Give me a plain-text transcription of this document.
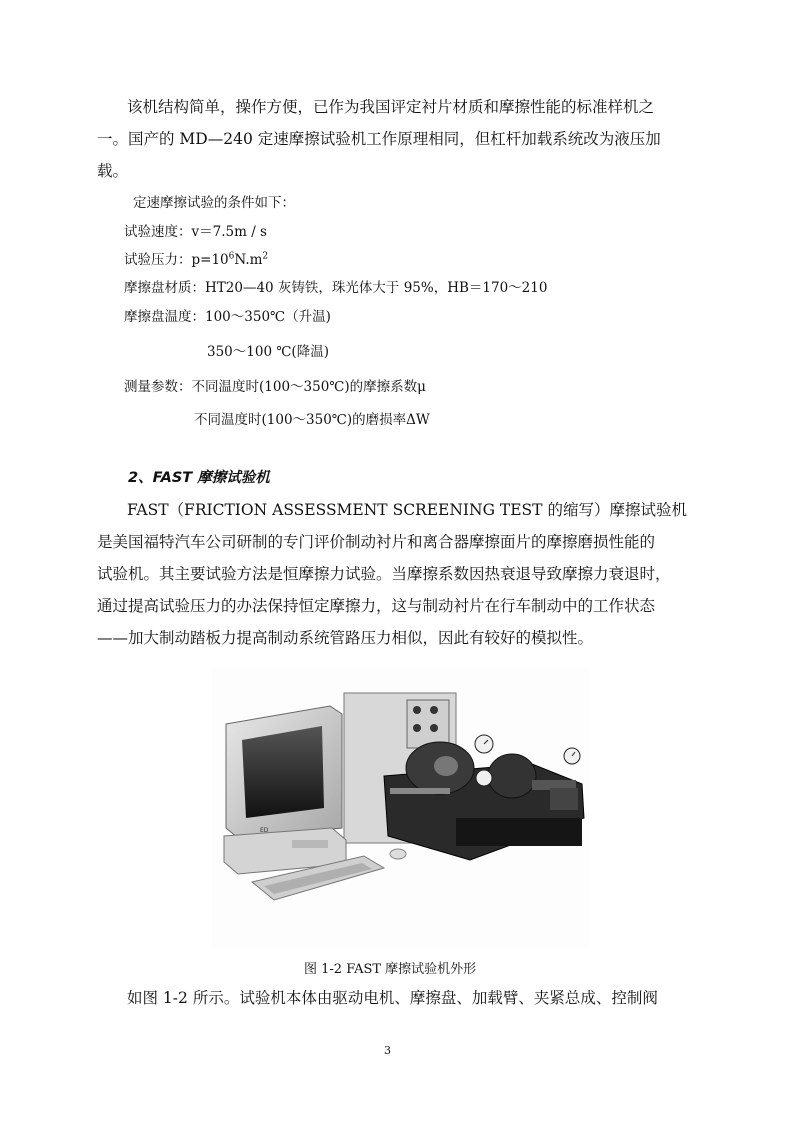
该机结构简单，操作方便，已作为我国评定衬片材质和摩擦性能的标准样机之
一。国产的 MD—240 定速摩擦试验机工作原理相同，但杠杆加载系统改为液压加
载。
定速摩擦试验的条件如下：
试验速度：v＝7.5m / s
试验压力：$p=10^6N.m^2$
摩擦盘材质：HT20—40 灰铸铁，珠光体大于 95%，HB＝170～210
摩擦盘温度：100～350℃（升温)
350～100 ℃(降温)
测量参数：不同温度时(100～350℃)的摩擦系数μ
不同温度时(100～350℃)的磨损率ΔW
2、FAST 摩擦试验机
FAST（FRICTION ASSESSMENT SCREENING TEST 的缩写）摩擦试验机
是美国福特汽车公司研制的专门评价制动衬片和离合器摩擦面片的摩擦磨损性能的
试验机。其主要试验方法是恒摩擦力试验。当摩擦系数因热衰退导致摩擦力衰退时，
通过提高试验压力的办法保持恒定摩擦力，这与制动衬片在行车制动中的工作状态
——加大制动踏板力提高制动系统管路压力相似，因此有较好的模拟性。
ED
图 1-2 FAST 摩擦试验机外形
如图 1-2 所示。试验机本体由驱动电机、摩擦盘、加载臂、夹紧总成、控制阀
3
